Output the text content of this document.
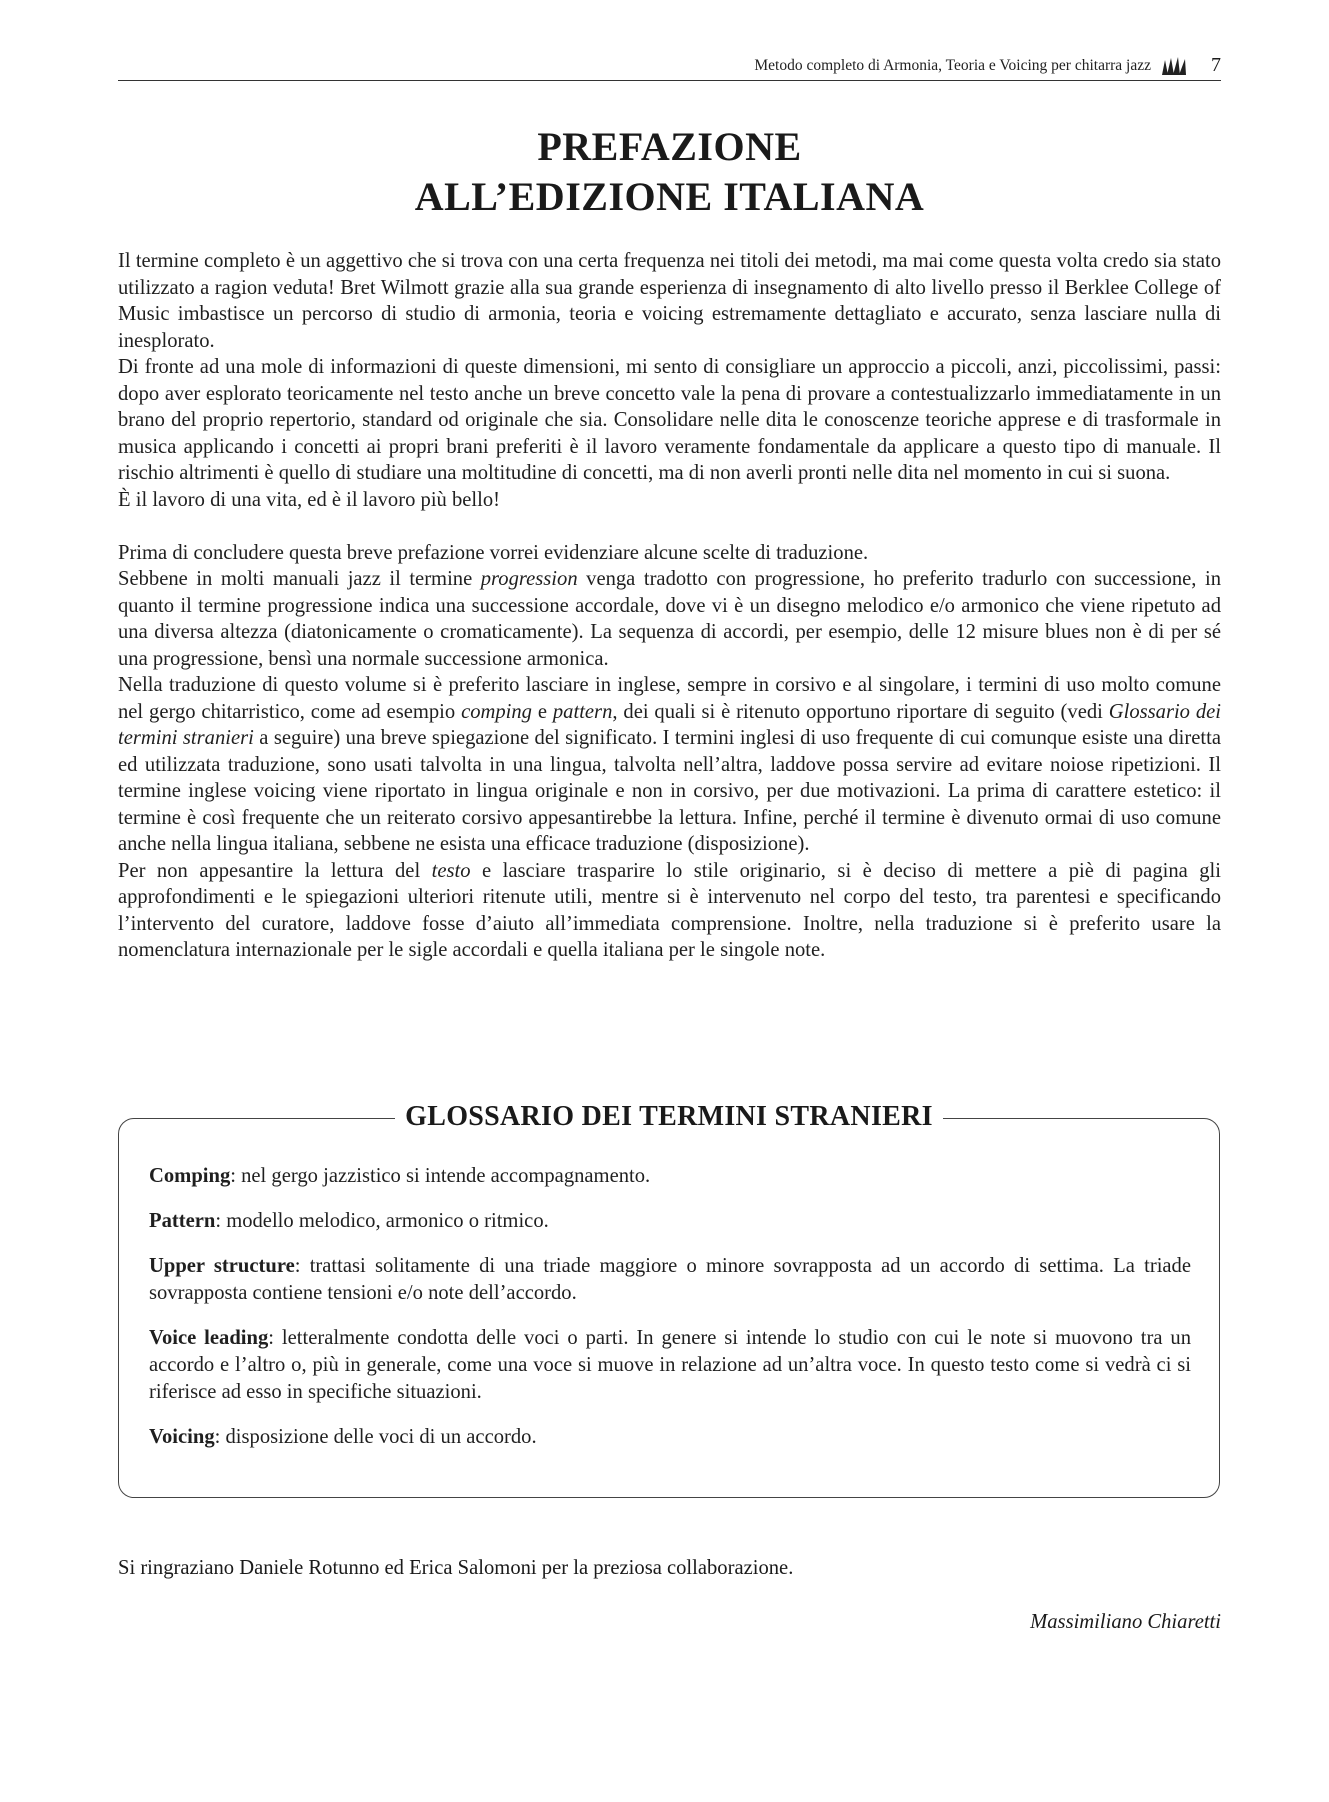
Metodo completo di Armonia, Teoria e Voicing per chitarra jazz	7
PREFAZIONE
ALL’EDIZIONE ITALIANA

Il termine completo è un aggettivo che si trova con una certa frequenza nei titoli dei metodi, ma mai come questa volta credo sia stato utilizzato a ragion veduta! Bret Wilmott grazie alla sua grande esperienza di insegnamento di alto livello presso il Berklee College of Music imbastisce un percorso di studio di armonia, teoria e voicing estremamente dettagliato e accurato, senza lasciare nulla di inesplorato.

Di fronte ad una mole di informazioni di queste dimensioni, mi sento di consigliare un approccio a piccoli, anzi, piccolissimi, passi: dopo aver esplorato teoricamente nel testo anche un breve concetto vale la pena di provare a contestualizzarlo immediatamente in un brano del proprio repertorio, standard od originale che sia. Consolidare nelle dita le conoscenze teoriche apprese e di trasformale in musica applicando i concetti ai propri brani preferiti è il lavoro veramente fondamentale da applicare a questo tipo di manuale. Il rischio altrimenti è quello di studiare una moltitudine di concetti, ma di non averli pronti nelle dita nel momento in cui si suona.

È il lavoro di una vita, ed è il lavoro più bello!

Prima di concludere questa breve prefazione vorrei evidenziare alcune scelte di traduzione.

Sebbene in molti manuali jazz il termine progression venga tradotto con progressione, ho preferito tradurlo con successione, in quanto il termine progressione indica una successione accordale, dove vi è un disegno melodico e/o armonico che viene ripetuto ad una diversa altezza (diatonicamente o cromaticamente). La sequenza di accordi, per esempio, delle 12 misure blues non è di per sé una progressione, bensì una normale successione armonica.

Nella traduzione di questo volume si è preferito lasciare in inglese, sempre in corsivo e al singolare, i termini di uso molto comune nel gergo chitarristico, come ad esempio comping e pattern, dei quali si è ritenuto opportuno riportare di seguito (vedi Glossario dei termini stranieri a seguire) una breve spiegazione del significato. I termini inglesi di uso frequente di cui comunque esiste una diretta ed utilizzata traduzione, sono usati talvolta in una lingua, talvolta nell’altra, laddove possa servire ad evitare noiose ripetizioni. Il termine inglese voicing viene riportato in lingua originale e non in corsivo, per due motivazioni. La prima di carattere estetico: il termine è così frequente che un reiterato corsivo appesantirebbe la lettura. Infine, perché il termine è divenuto ormai di uso comune anche nella lingua italiana, sebbene ne esista una efficace traduzione (disposizione).

Per non appesantire la lettura del testo e lasciare trasparire lo stile originario, si è deciso di mettere a piè di pagina gli approfondimenti e le spiegazioni ulteriori ritenute utili, mentre si è intervenuto nel corpo del testo, tra parentesi e specificando l’intervento del curatore, laddove fosse d’aiuto all’immediata comprensione. Inoltre, nella traduzione si è preferito usare la nomenclatura internazionale per le sigle accordali e quella italiana per le singole note.

GLOSSARIO DEI TERMINI STRANIERI

Comping: nel gergo jazzistico si intende accompagnamento.

Pattern: modello melodico, armonico o ritmico.

Upper structure: trattasi solitamente di una triade maggiore o minore sovrapposta ad un accordo di settima. La triade sovrapposta contiene tensioni e/o note dell’accordo.

Voice leading: letteralmente condotta delle voci o parti. In genere si intende lo studio con cui le note si muovono tra un accordo e l’altro o, più in generale, come una voce si muove in relazione ad un’altra voce. In questo testo come si vedrà ci si riferisce ad esso in specifiche situazioni.

Voicing: disposizione delle voci di un accordo.

Si ringraziano Daniele Rotunno ed Erica Salomoni per la preziosa collaborazione.
Massimiliano Chiaretti
